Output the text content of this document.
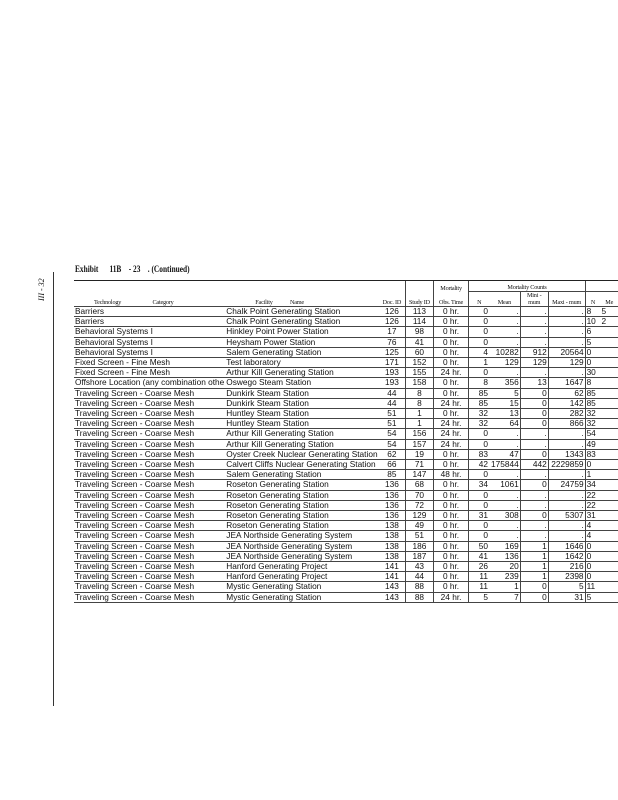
III - 32
Exhibit      11B    - 23    . (Continued)
				Mortality	Mortality Counts					
Technology Category	Facility Name	Doc. ID	Study ID	Obs. Time	N	Mean	Mini - mum	Maxi - mum	N	Me
Barriers	Chalk Point Generating Station	126	113	0 hr.	0	.	.	.	8	5
Barriers	Chalk Point Generating Station	126	114	0 hr.	0	.	.	.	10	2
Behavioral Systems I	Hinkley Point Power Station	17	98	0 hr.	0	.	.	.	6	
Behavioral Systems I	Heysham Power Station	76	41	0 hr.	0	.	.	.	5	
Behavioral Systems I	Salem Generating Station	125	60	0 hr.	4	10282	912	20564	0	
Fixed Screen - Fine Mesh	Test laboratory	171	152	0 hr.	1	129	129	129	0	
Fixed Screen - Fine Mesh	Arthur Kill Generating Station	193	155	24 hr.	0	.	.	.	30	
Offshore Location (any combination othe	Oswego Steam Station	193	158	0 hr.	8	356	13	1647	8	
Traveling Screen - Coarse Mesh	Dunkirk Steam Station	44	8	0 hr.	85	5	0	62	85	
Traveling Screen - Coarse Mesh	Dunkirk Steam Station	44	8	24 hr.	85	15	0	142	85	
Traveling Screen - Coarse Mesh	Huntley Steam Station	51	1	0 hr.	32	13	0	282	32	
Traveling Screen - Coarse Mesh	Huntley Steam Station	51	1	24 hr.	32	64	0	866	32	
Traveling Screen - Coarse Mesh	Arthur Kill Generating Station	54	156	24 hr.	0	.	.	.	54	
Traveling Screen - Coarse Mesh	Arthur Kill Generating Station	54	157	24 hr.	0	.	.	.	49	
Traveling Screen - Coarse Mesh	Oyster Creek Nuclear Generating Station	62	19	0 hr.	83	47	0	1343	83	
Traveling Screen - Coarse Mesh	Calvert Cliffs Nuclear Generating Station	66	71	0 hr.	42	175844	442	2229859	0	
Traveling Screen - Coarse Mesh	Salem Generating Station	85	147	48 hr.	0	.	.	.	1	
Traveling Screen - Coarse Mesh	Roseton Generating Station	136	68	0 hr.	34	1061	0	24759	34	
Traveling Screen - Coarse Mesh	Roseton Generating Station	136	70	0 hr.	0	.	.	.	22	
Traveling Screen - Coarse Mesh	Roseton Generating Station	136	72	0 hr.	0	.	.	.	22	
Traveling Screen - Coarse Mesh	Roseton Generating Station	136	129	0 hr.	31	308	0	5307	31	
Traveling Screen - Coarse Mesh	Roseton Generating Station	138	49	0 hr.	0	.	.	.	4	
Traveling Screen - Coarse Mesh	JEA Northside Generating System	138	51	0 hr.	0	.	.	.	4	
Traveling Screen - Coarse Mesh	JEA Northside Generating System	138	186	0 hr.	50	169	1	1646	0	
Traveling Screen - Coarse Mesh	JEA Northside Generating System	138	187	0 hr.	41	136	1	1642	0	
Traveling Screen - Coarse Mesh	Hanford Generating Project	141	43	0 hr.	26	20	1	216	0	
Traveling Screen - Coarse Mesh	Hanford Generating Project	141	44	0 hr.	11	239	1	2398	0	
Traveling Screen - Coarse Mesh	Mystic Generating Station	143	88	0 hr.	11	1	0	5	11	
Traveling Screen - Coarse Mesh	Mystic Generating Station	143	88	24 hr.	5	7	0	31	5	
